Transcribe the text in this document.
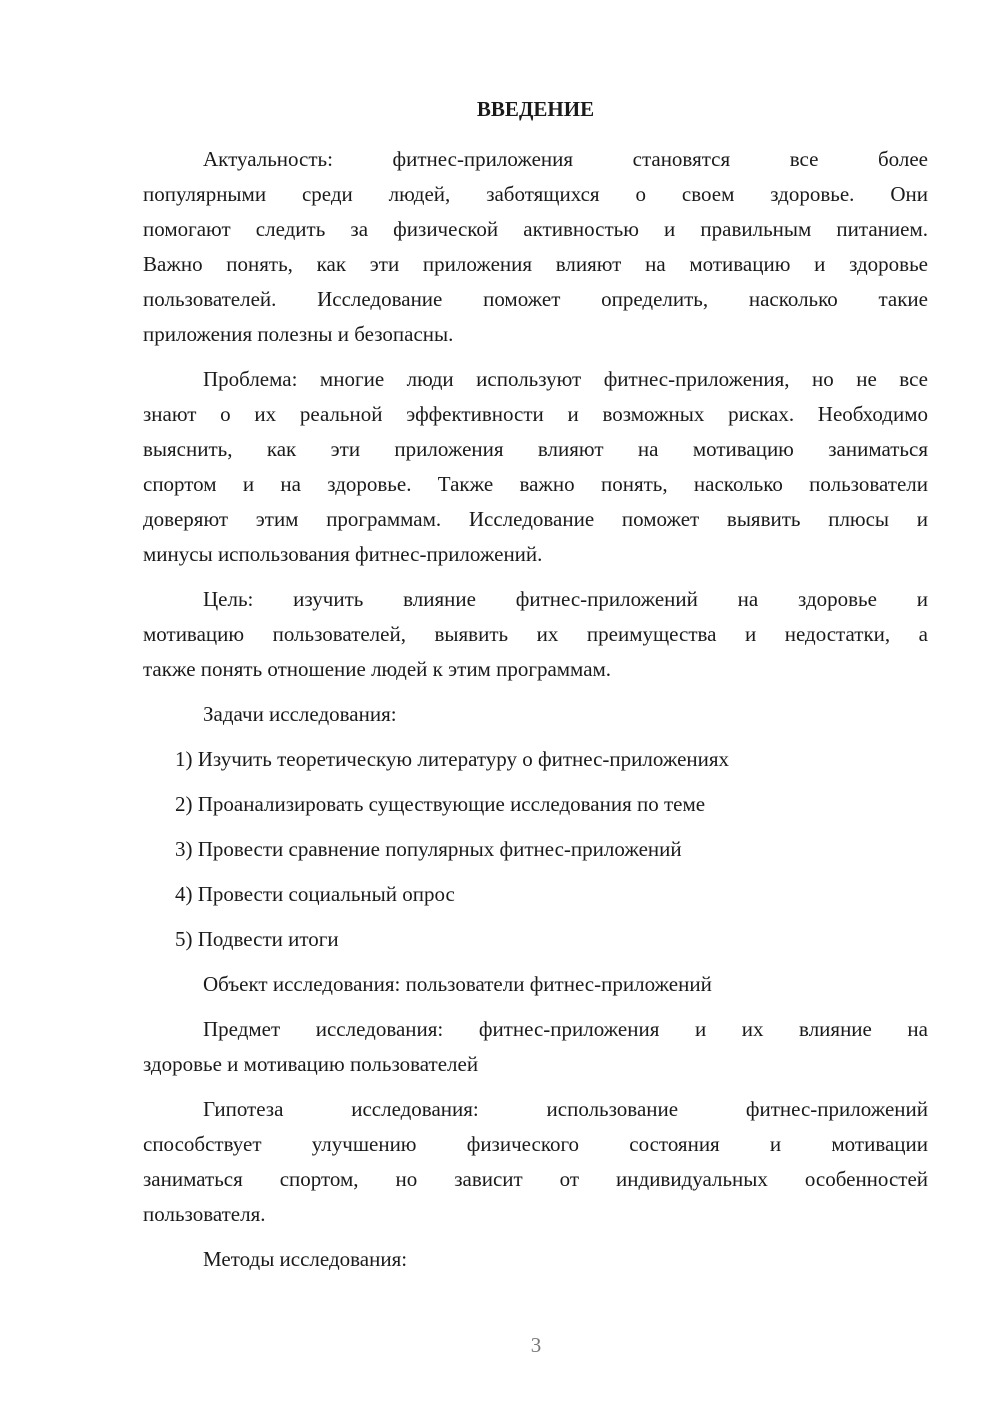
ВВЕДЕНИЕ
Актуальность: фитнес-приложения становятся все более
популярными среди людей, заботящихся о своем здоровье. Они
помогают следить за физической активностью и правильным питанием.
Важно понять, как эти приложения влияют на мотивацию и здоровье
пользователей. Исследование поможет определить, насколько такие
приложения полезны и безопасны.
Проблема: многие люди используют фитнес-приложения, но не все
знают о их реальной эффективности и возможных рисках. Необходимо
выяснить, как эти приложения влияют на мотивацию заниматься
спортом и на здоровье. Также важно понять, насколько пользователи
доверяют этим программам. Исследование поможет выявить плюсы и
минусы использования фитнес-приложений.
Цель: изучить влияние фитнес-приложений на здоровье и
мотивацию пользователей, выявить их преимущества и недостатки, а
также понять отношение людей к этим программам.
Задачи исследования:
1) Изучить теоретическую литературу о фитнес-приложениях
2) Проанализировать существующие исследования по теме
3) Провести сравнение популярных фитнес-приложений
4) Провести социальный опрос
5) Подвести итоги
Объект исследования: пользователи фитнес-приложений
Предмет исследования: фитнес-приложения и их влияние на
здоровье и мотивацию пользователей
Гипотеза исследования: использование фитнес-приложений
способствует улучшению физического состояния и мотивации
заниматься спортом, но зависит от индивидуальных особенностей
пользователя.
Методы исследования:
3
